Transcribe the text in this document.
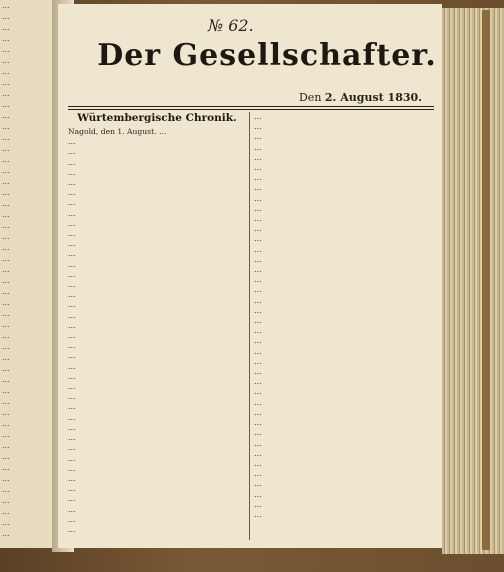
…
…
…
…
…
…
…
…
…
…
…
…
…
…
…
…
…
…
…
…
…
…
…
…
…
…
…
…
…
…
…
…
…
…
…
…
…
…
…
…
…
…
…
…
…
…
…
…
…
№ 62.
Der Gesellschafter.
Den 2. August 1830.
Würtembergische Chronik.
Nagold, den 1. August. …
…
…
…
…
…
…
…
…
…
…
…
…
…
…
…
…
…
…
…
…
…
…
…
…
…
…
…
…
…
…
…
…
…
…
…
…
…
…
…
…
…
…
…
…
…
…
…
…
…
…
…
…
…
…
…
…
…
…
…
…
…
…
…
…
…
…
…
…
…
…
…
…
…
…
…
…
…
…
…
